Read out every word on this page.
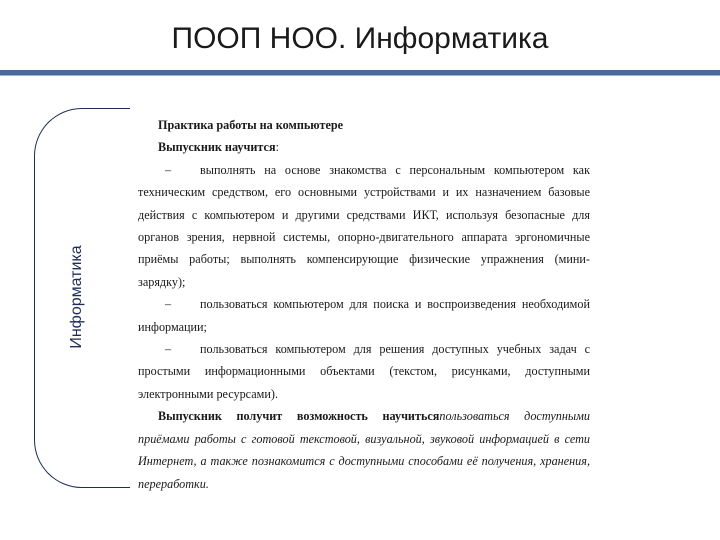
ПООП НОО. Информатика
Информатика

Практика работы на компьютере

Выпускник научится:

– выполнять на основе знакомства с персональным компьютером как техническим средством, его основными устройствами и их назначением базовые действия с компьютером и другими средствами ИКТ, используя безопасные для органов зрения, нервной системы, опорно-двигательного аппарата эргономичные приёмы работы; выполнять компенсирующие физические упражнения (мини-зарядку);

– пользоваться компьютером для поиска и воспроизведения необходимой информации;

– пользоваться компьютером для решения доступных учебных задач с простыми информационными объектами (текстом, рисунками, доступными электронными ресурсами).

Выпускник получит возможность научитьсяпользоваться доступными приёмами работы с готовой текстовой, визуальной, звуковой информацией в сети Интернет, а также познакомится с доступными способами её получения, хранения, переработки.
